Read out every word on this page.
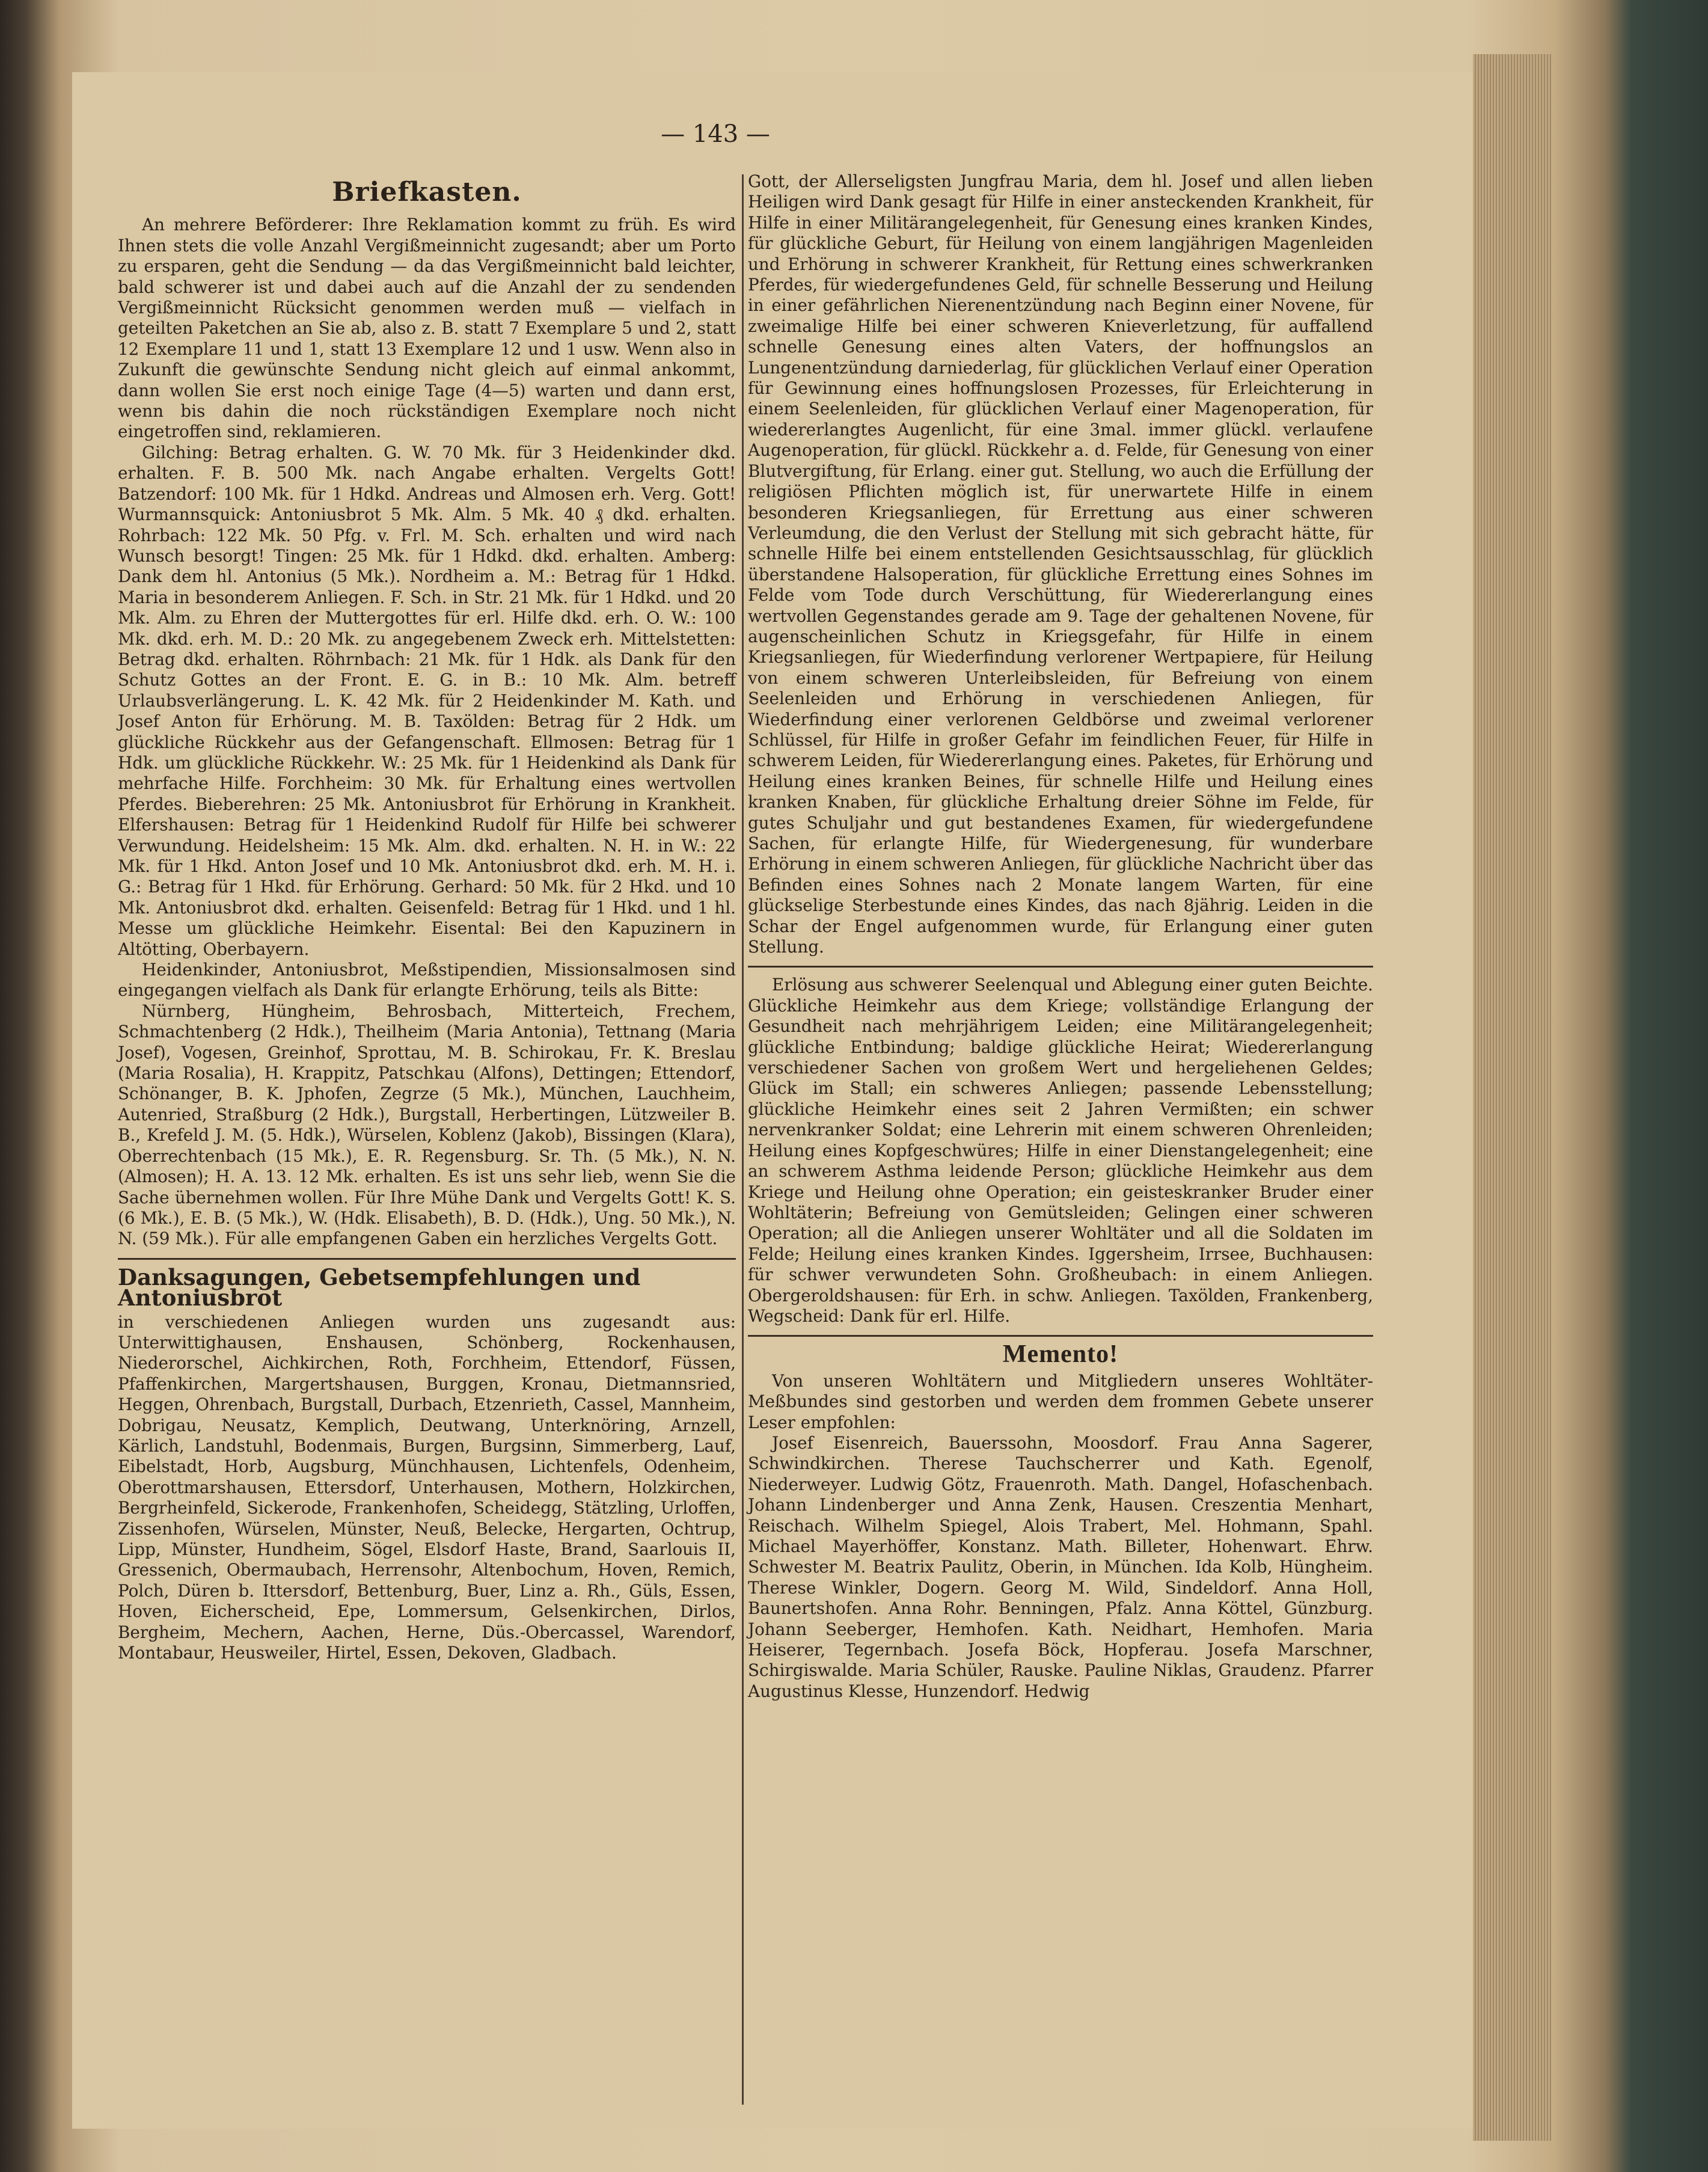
— 143 —
Briefkasten.

An mehrere Beförderer: Ihre Reklamation kommt zu früh. Es wird Ihnen stets die volle Anzahl Vergißmeinnicht zugesandt; aber um Porto zu ersparen, geht die Sendung — da das Vergißmeinnicht bald leichter, bald schwerer ist und dabei auch auf die Anzahl der zu sendenden Vergißmeinnicht Rücksicht genommen werden muß — vielfach in geteilten Paketchen an Sie ab, also z. B. statt 7 Exemplare 5 und 2, statt 12 Exemplare 11 und 1, statt 13 Exemplare 12 und 1 usw. Wenn also in Zukunft die gewünschte Sendung nicht gleich auf einmal ankommt, dann wollen Sie erst noch einige Tage (4—5) warten und dann erst, wenn bis dahin die noch rückständigen Exemplare noch nicht eingetroffen sind, reklamieren.

Gilching: Betrag erhalten. G. W. 70 Mk. für 3 Heidenkinder dkd. erhalten. F. B. 500 Mk. nach Angabe erhalten. Vergelts Gott! Batzendorf: 100 Mk. für 1 Hdkd. Andreas und Almosen erh. Verg. Gott! Wurmannsquick: Antoniusbrot 5 Mk. Alm. 5 Mk. 40 ₰ dkd. erhalten. Rohrbach: 122 Mk. 50 Pfg. v. Frl. M. Sch. erhalten und wird nach Wunsch besorgt! Tingen: 25 Mk. für 1 Hdkd. dkd. erhalten. Amberg: Dank dem hl. Antonius (5 Mk.). Nordheim a. M.: Betrag für 1 Hdkd. Maria in besonderem Anliegen. F. Sch. in Str. 21 Mk. für 1 Hdkd. und 20 Mk. Alm. zu Ehren der Muttergottes für erl. Hilfe dkd. erh. O. W.: 100 Mk. dkd. erh. M. D.: 20 Mk. zu angegebenem Zweck erh. Mittelstetten: Betrag dkd. erhalten. Röhrnbach: 21 Mk. für 1 Hdk. als Dank für den Schutz Gottes an der Front. E. G. in B.: 10 Mk. Alm. betreff Urlaubsverlängerung. L. K. 42 Mk. für 2 Heidenkinder M. Kath. und Josef Anton für Erhörung. M. B. Taxölden: Betrag für 2 Hdk. um glückliche Rückkehr aus der Gefangenschaft. Ellmosen: Betrag für 1 Hdk. um glückliche Rückkehr. W.: 25 Mk. für 1 Heidenkind als Dank für mehrfache Hilfe. Forchheim: 30 Mk. für Erhaltung eines wertvollen Pferdes. Bieberehren: 25 Mk. Antoniusbrot für Erhörung in Krankheit. Elfershausen: Betrag für 1 Heidenkind Rudolf für Hilfe bei schwerer Verwundung. Heidelsheim: 15 Mk. Alm. dkd. erhalten. N. H. in W.: 22 Mk. für 1 Hkd. Anton Josef und 10 Mk. Antoniusbrot dkd. erh. M. H. i. G.: Betrag für 1 Hkd. für Erhörung. Gerhard: 50 Mk. für 2 Hkd. und 10 Mk. Antoniusbrot dkd. erhalten. Geisenfeld: Betrag für 1 Hkd. und 1 hl. Messe um glückliche Heimkehr. Eisental: Bei den Kapuzinern in Altötting, Oberbayern.

Heidenkinder, Antoniusbrot, Meßstipendien, Missionsalmosen sind eingegangen vielfach als Dank für erlangte Erhörung, teils als Bitte:

Nürnberg, Hüngheim, Behrosbach, Mitterteich, Frechem, Schmachtenberg (2 Hdk.), Theilheim (Maria Antonia), Tettnang (Maria Josef), Vogesen, Greinhof, Sprottau, M. B. Schirokau, Fr. K. Breslau (Maria Rosalia), H. Krappitz, Patschkau (Alfons), Dettingen; Ettendorf, Schönanger, B. K. Jphofen, Zegrze (5 Mk.), München, Lauchheim, Autenried, Straßburg (2 Hdk.), Burgstall, Herbertingen, Lützweiler B. B., Krefeld J. M. (5. Hdk.), Würselen, Koblenz (Jakob), Bissingen (Klara), Oberrechtenbach (15 Mk.), E. R. Regensburg. Sr. Th. (5 Mk.), N. N. (Almosen); H. A. 13. 12 Mk. erhalten. Es ist uns sehr lieb, wenn Sie die Sache übernehmen wollen. Für Ihre Mühe Dank und Vergelts Gott! K. S. (6 Mk.), E. B. (5 Mk.), W. (Hdk. Elisabeth), B. D. (Hdk.), Ung. 50 Mk.), N. N. (59 Mk.). Für alle empfangenen Gaben ein herzliches Vergelts Gott.

Danksagungen, Gebetsempfehlungen und Antoniusbrot

in verschiedenen Anliegen wurden uns zugesandt aus: Unterwittighausen, Enshausen, Schönberg, Rockenhausen, Niederorschel, Aichkirchen, Roth, Forchheim, Ettendorf, Füssen, Pfaffenkirchen, Margertshausen, Burggen, Kronau, Dietmannsried, Heggen, Ohrenbach, Burgstall, Durbach, Etzenrieth, Cassel, Mannheim, Dobrigau, Neusatz, Kemplich, Deutwang, Unterknöring, Arnzell, Kärlich, Landstuhl, Bodenmais, Burgen, Burgsinn, Simmerberg, Lauf, Eibelstadt, Horb, Augsburg, Münchhausen, Lichtenfels, Odenheim, Oberottmarshausen, Ettersdorf, Unterhausen, Mothern, Holzkirchen, Bergrheinfeld, Sickerode, Frankenhofen, Scheidegg, Stätzling, Urloffen, Zissenhofen, Würselen, Münster, Neuß, Belecke, Hergarten, Ochtrup, Lipp, Münster, Hundheim, Sögel, Elsdorf Haste, Brand, Saarlouis II, Gressenich, Obermaubach, Herrensohr, Altenbochum, Hoven, Remich, Polch, Düren b. Ittersdorf, Bettenburg, Buer, Linz a. Rh., Güls, Essen, Hoven, Eicherscheid, Epe, Lommersum, Gelsenkirchen, Dirlos, Bergheim, Mechern, Aachen, Herne, Düs.-Obercassel, Warendorf, Montabaur, Heusweiler, Hirtel, Essen, Dekoven, Gladbach.

Gott, der Allerseligsten Jungfrau Maria, dem hl. Josef und allen lieben Heiligen wird Dank gesagt für Hilfe in einer ansteckenden Krankheit, für Hilfe in einer Militärangelegenheit, für Genesung eines kranken Kindes, für glückliche Geburt, für Heilung von einem langjährigen Magenleiden und Erhörung in schwerer Krankheit, für Rettung eines schwerkranken Pferdes, für wiedergefundenes Geld, für schnelle Besserung und Heilung in einer gefährlichen Nierenentzündung nach Beginn einer Novene, für zweimalige Hilfe bei einer schweren Knieverletzung, für auffallend schnelle Genesung eines alten Vaters, der hoffnungslos an Lungenentzündung darniederlag, für glücklichen Verlauf einer Operation für Gewinnung eines hoffnungslosen Prozesses, für Erleichterung in einem Seelenleiden, für glücklichen Verlauf einer Magenoperation, für wiedererlangtes Augenlicht, für eine 3mal. immer glückl. verlaufene Augenoperation, für glückl. Rückkehr a. d. Felde, für Genesung von einer Blutvergiftung, für Erlang. einer gut. Stellung, wo auch die Erfüllung der religiösen Pflichten möglich ist, für unerwartete Hilfe in einem besonderen Kriegsanliegen, für Errettung aus einer schweren Verleumdung, die den Verlust der Stellung mit sich gebracht hätte, für schnelle Hilfe bei einem entstellenden Gesichtsausschlag, für glücklich überstandene Halsoperation, für glückliche Errettung eines Sohnes im Felde vom Tode durch Verschüttung, für Wiedererlangung eines wertvollen Gegenstandes gerade am 9. Tage der gehaltenen Novene, für augenscheinlichen Schutz in Kriegsgefahr, für Hilfe in einem Kriegsanliegen, für Wiederfindung verlorener Wertpapiere, für Heilung von einem schweren Unterleibsleiden, für Befreiung von einem Seelenleiden und Erhörung in verschiedenen Anliegen, für Wiederfindung einer verlorenen Geldbörse und zweimal verlorener Schlüssel, für Hilfe in großer Gefahr im feindlichen Feuer, für Hilfe in schwerem Leiden, für Wiedererlangung eines. Paketes, für Erhörung und Heilung eines kranken Beines, für schnelle Hilfe und Heilung eines kranken Knaben, für glückliche Erhaltung dreier Söhne im Felde, für gutes Schuljahr und gut bestandenes Examen, für wiedergefundene Sachen, für erlangte Hilfe, für Wiedergenesung, für wunderbare Erhörung in einem schweren Anliegen, für glückliche Nachricht über das Befinden eines Sohnes nach 2 Monate langem Warten, für eine glückselige Sterbestunde eines Kindes, das nach 8jährig. Leiden in die Schar der Engel aufgenommen wurde, für Erlangung einer guten Stellung.

Erlösung aus schwerer Seelenqual und Ablegung einer guten Beichte. Glückliche Heimkehr aus dem Kriege; vollständige Erlangung der Gesundheit nach mehrjährigem Leiden; eine Militärangelegenheit; glückliche Entbindung; baldige glückliche Heirat; Wiedererlangung verschiedener Sachen von großem Wert und hergeliehenen Geldes; Glück im Stall; ein schweres Anliegen; passende Lebensstellung; glückliche Heimkehr eines seit 2 Jahren Vermißten; ein schwer nervenkranker Soldat; eine Lehrerin mit einem schweren Ohrenleiden; Heilung eines Kopfgeschwüres; Hilfe in einer Dienstangelegenheit; eine an schwerem Asthma leidende Person; glückliche Heimkehr aus dem Kriege und Heilung ohne Operation; ein geisteskranker Bruder einer Wohltäterin; Befreiung von Gemütsleiden; Gelingen einer schweren Operation; all die Anliegen unserer Wohltäter und all die Soldaten im Felde; Heilung eines kranken Kindes. Iggersheim, Irrsee, Buchhausen: für schwer verwundeten Sohn. Großheubach: in einem Anliegen. Obergeroldshausen: für Erh. in schw. Anliegen. Taxölden, Frankenberg, Wegscheid: Dank für erl. Hilfe.

Memento!

Von unseren Wohltätern und Mitgliedern unseres Wohltäter-Meßbundes sind gestorben und werden dem frommen Gebete unserer Leser empfohlen:

Josef Eisenreich, Bauerssohn, Moosdorf. Frau Anna Sagerer, Schwindkirchen. Therese Tauchscherrer und Kath. Egenolf, Niederweyer. Ludwig Götz, Frauenroth. Math. Dangel, Hofaschenbach. Johann Lindenberger und Anna Zenk, Hausen. Creszentia Menhart, Reischach. Wilhelm Spiegel, Alois Trabert, Mel. Hohmann, Spahl. Michael Mayerhöffer, Konstanz. Math. Billeter, Hohenwart. Ehrw. Schwester M. Beatrix Paulitz, Oberin, in München. Ida Kolb, Hüngheim. Therese Winkler, Dogern. Georg M. Wild, Sindeldorf. Anna Holl, Baunertshofen. Anna Rohr. Benningen, Pfalz. Anna Köttel, Günzburg. Johann Seeberger, Hemhofen. Kath. Neidhart, Hemhofen. Maria Heiserer, Tegernbach. Josefa Böck, Hopferau. Josefa Marschner, Schirgiswalde. Maria Schüler, Rauske. Pauline Niklas, Graudenz. Pfarrer Augustinus Klesse, Hunzendorf. Hedwig
